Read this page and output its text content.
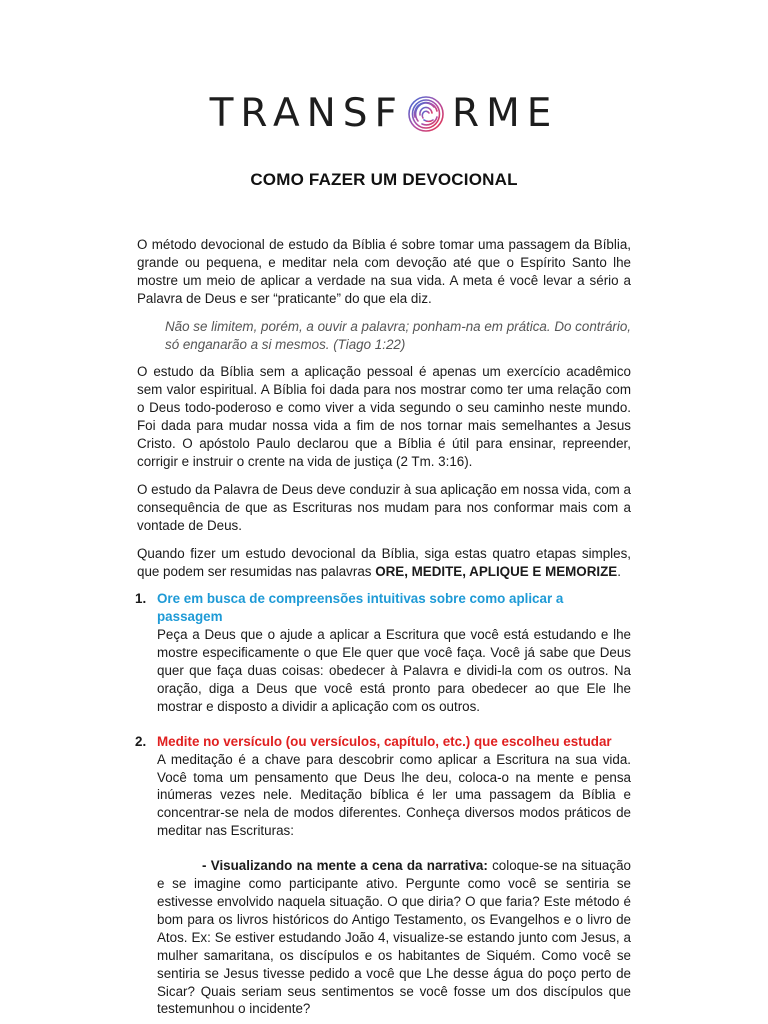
TRANSF RME
COMO FAZER UM DEVOCIONAL

O método devocional de estudo da Bíblia é sobre tomar uma passagem da Bíblia, grande ou pequena, e meditar nela com devoção até que o Espírito Santo lhe mostre um meio de aplicar a verdade na sua vida. A meta é você levar a sério a Palavra de Deus e ser “praticante” do que ela diz.

Não se limitem, porém, a ouvir a palavra; ponham-na em prática. Do contrário, só enganarão a si mesmos. (Tiago 1:22)

O estudo da Bíblia sem a aplicação pessoal é apenas um exercício acadêmico sem valor espiritual. A Bíblia foi dada para nos mostrar como ter uma relação com o Deus todo-poderoso e como viver a vida segundo o seu caminho neste mundo. Foi dada para mudar nossa vida a fim de nos tornar mais semelhantes a Jesus Cristo. O apóstolo Paulo declarou que a Bíblia é útil para ensinar, repreender, corrigir e instruir o crente na vida de justiça (2 Tm. 3:16).

O estudo da Palavra de Deus deve conduzir à sua aplicação em nossa vida, com a consequência de que as Escrituras nos mudam para nos conformar mais com a vontade de Deus.

Quando fizer um estudo devocional da Bíblia, siga estas quatro etapas simples, que podem ser resumidas nas palavras ORE, MEDITE, APLIQUE E MEMORIZE.

1. Ore em busca de compreensões intuitivas sobre como aplicar a passagem
Peça a Deus que o ajude a aplicar a Escritura que você está estudando e lhe mostre especificamente o que Ele quer que você faça. Você já sabe que Deus quer que faça duas coisas: obedecer à Palavra e dividi-la com os outros. Na oração, diga a Deus que você está pronto para obedecer ao que Ele lhe mostrar e disposto a dividir a aplicação com os outros.
2. Medite no versículo (ou versículos, capítulo, etc.) que escolheu estudar
A meditação é a chave para descobrir como aplicar a Escritura na sua vida. Você toma um pensamento que Deus lhe deu, coloca-o na mente e pensa inúmeras vezes nele. Meditação bíblica é ler uma passagem da Bíblia e concentrar-se nela de modos diferentes. Conheça diversos modos práticos de meditar nas Escrituras:
- Visualizando na mente a cena da narrativa: coloque-se na situação e se imagine como participante ativo. Pergunte como você se sentiria se estivesse envolvido naquela situação. O que diria? O que faria? Este método é bom para os livros históricos do Antigo Testamento, os Evangelhos e o livro de Atos. Ex: Se estiver estudando João 4, visualize-se estando junto com Jesus, a mulher samaritana, os discípulos e os habitantes de Siquém. Como você se sentiria se Jesus tivesse pedido a você que Lhe desse água do poço perto de Sicar? Quais seriam seus sentimentos se você fosse um dos discípulos que testemunhou o incidente?
